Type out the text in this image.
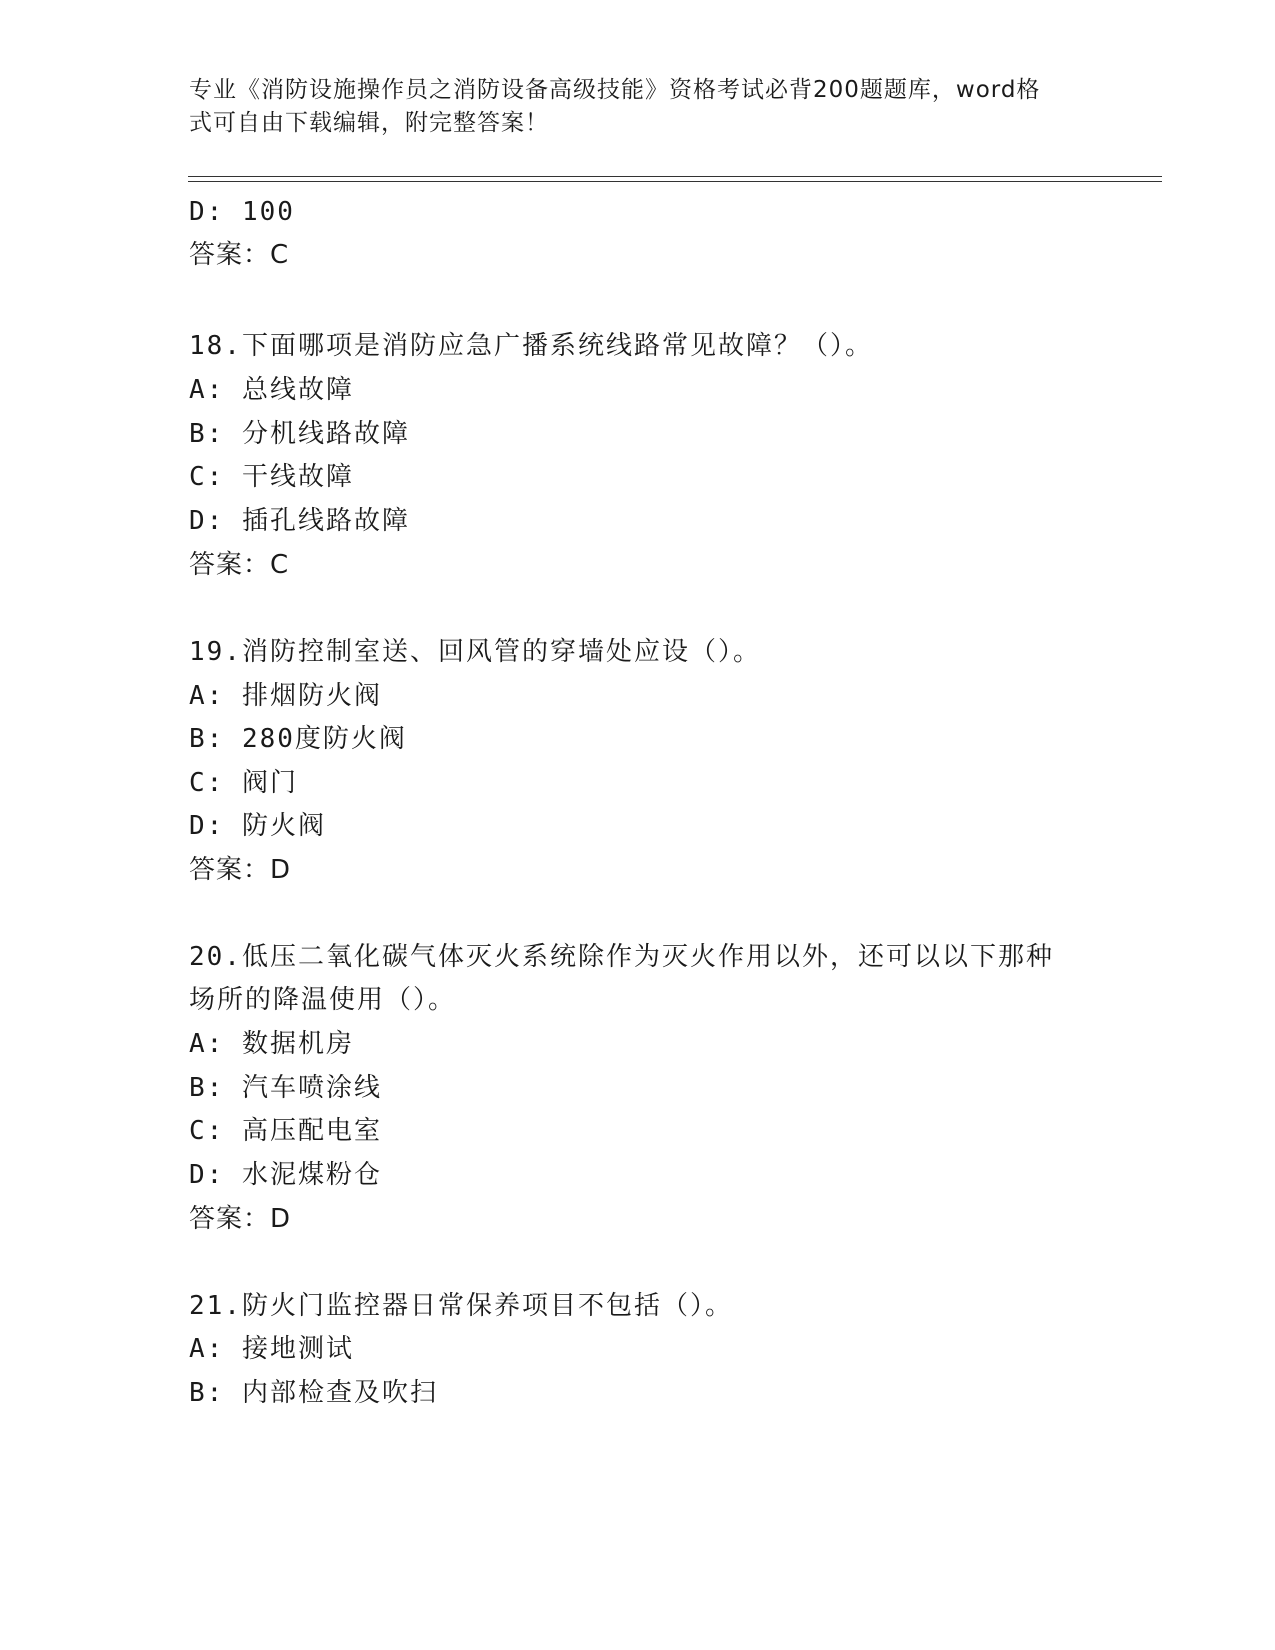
专业《消防设施操作员之消防设备高级技能》资格考试必背200题题库，word格
式可自由下载编辑，附完整答案！
D: 100
答案：C
18.下面哪项是消防应急广播系统线路常见故障？（）。
A: 总线故障
B: 分机线路故障
C: 干线故障
D: 插孔线路故障
答案：C
19.消防控制室送、回风管的穿墙处应设（）。
A: 排烟防火阀
B: 280度防火阀
C: 阀门
D: 防火阀
答案：D
20.低压二氧化碳气体灭火系统除作为灭火作用以外，还可以以下那种
场所的降温使用（）。
A: 数据机房
B: 汽车喷涂线
C: 高压配电室
D: 水泥煤粉仓
答案：D
21.防火门监控器日常保养项目不包括（）。
A: 接地测试
B: 内部检查及吹扫
